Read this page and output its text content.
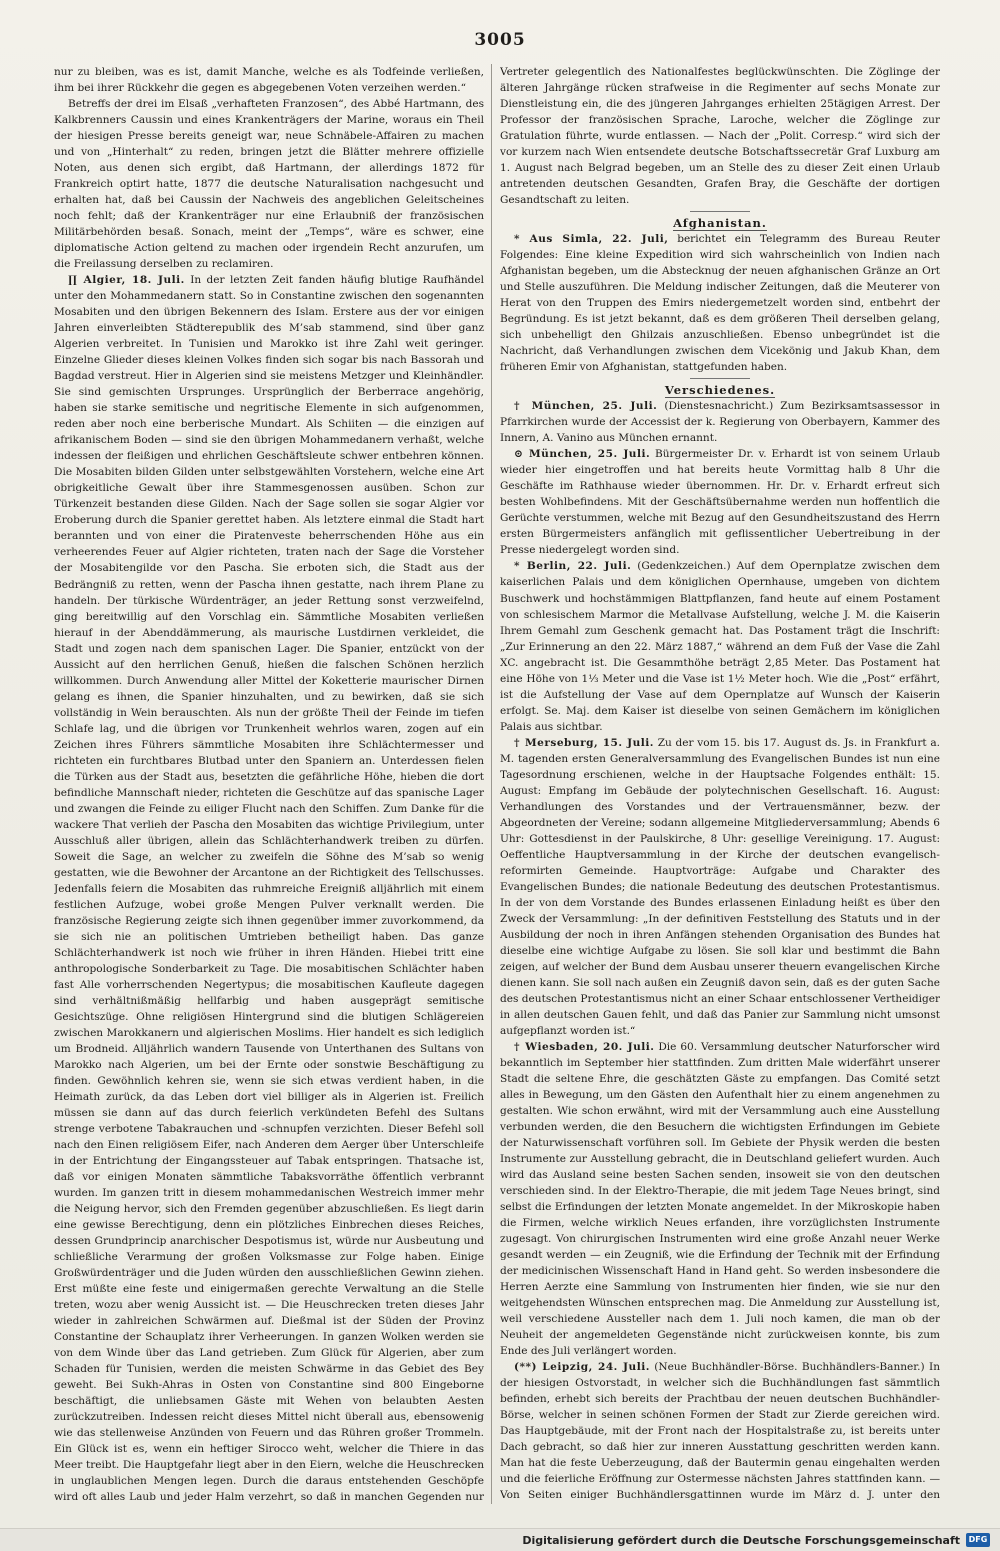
3005

nur zu bleiben, was es ist, damit Manche, welche es als Todfeinde verließen, ihm bei ihrer Rückkehr die gegen es abgegebenen Voten verzeihen werden.“

Betreffs der drei im Elsaß „verhafteten Franzosen“, des Abbé Hartmann, des Kalkbrenners Caussin und eines Krankenträgers der Marine, woraus ein Theil der hiesigen Presse bereits geneigt war, neue Schnäbele-Affairen zu machen und von „Hinterhalt“ zu reden, bringen jetzt die Blätter mehrere offizielle Noten, aus denen sich ergibt, daß Hartmann, der allerdings 1872 für Frankreich optirt hatte, 1877 die deutsche Naturalisation nachgesucht und erhalten hat, daß bei Caussin der Nachweis des angeblichen Geleitscheines noch fehlt; daß der Krankenträger nur eine Erlaubniß der französischen Militärbehörden besaß. Sonach, meint der „Temps“, wäre es schwer, eine diplomatische Action geltend zu machen oder irgendein Recht anzurufen, um die Freilassung derselben zu reclamiren.

∏ Algier, 18. Juli. In der letzten Zeit fanden häufig blutige Raufhändel unter den Mohammedanern statt. So in Constantine zwischen den sogenannten Mosabiten und den übrigen Bekennern des Islam. Erstere aus der vor einigen Jahren einverleibten Städterepublik des M’sab stammend, sind über ganz Algerien verbreitet. In Tunisien und Marokko ist ihre Zahl weit geringer. Einzelne Glieder dieses kleinen Volkes finden sich sogar bis nach Bassorah und Bagdad verstreut. Hier in Algerien sind sie meistens Metzger und Kleinhändler. Sie sind gemischten Ursprunges. Ursprünglich der Berberrace angehörig, haben sie starke semitische und negritische Elemente in sich aufgenommen, reden aber noch eine berberische Mundart. Als Schiiten — die einzigen auf afrikanischem Boden — sind sie den übrigen Mohammedanern verhaßt, welche indessen der fleißigen und ehrlichen Geschäftsleute schwer entbehren können. Die Mosabiten bilden Gilden unter selbstgewählten Vorstehern, welche eine Art obrigkeitliche Gewalt über ihre Stammesgenossen ausüben. Schon zur Türkenzeit bestanden diese Gilden. Nach der Sage sollen sie sogar Algier vor Eroberung durch die Spanier gerettet haben. Als letztere einmal die Stadt hart berannten und von einer die Piratenveste beherrschenden Höhe aus ein verheerendes Feuer auf Algier richteten, traten nach der Sage die Vorsteher der Mosabitengilde vor den Pascha. Sie erboten sich, die Stadt aus der Bedrängniß zu retten, wenn der Pascha ihnen gestatte, nach ihrem Plane zu handeln. Der türkische Würdenträger, an jeder Rettung sonst verzweifelnd, ging bereitwillig auf den Vorschlag ein. Sämmtliche Mosabiten verließen hierauf in der Abenddämmerung, als maurische Lustdirnen verkleidet, die Stadt und zogen nach dem spanischen Lager. Die Spanier, entzückt von der Aussicht auf den herrlichen Genuß, hießen die falschen Schönen herzlich willkommen. Durch Anwendung aller Mittel der Koketterie maurischer Dirnen gelang es ihnen, die Spanier hinzuhalten, und zu bewirken, daß sie sich vollständig in Wein berauschten. Als nun der größte Theil der Feinde im tiefen Schlafe lag, und die übrigen vor Trunkenheit wehrlos waren, zogen auf ein Zeichen ihres Führers sämmtliche Mosabiten ihre Schlächtermesser und richteten ein furchtbares Blutbad unter den Spaniern an. Unterdessen fielen die Türken aus der Stadt aus, besetzten die gefährliche Höhe, hieben die dort befindliche Mannschaft nieder, richteten die Geschütze auf das spanische Lager und zwangen die Feinde zu eiliger Flucht nach den Schiffen. Zum Danke für die wackere That verlieh der Pascha den Mosabiten das wichtige Privilegium, unter Ausschluß aller übrigen, allein das Schlächterhandwerk treiben zu dürfen. Soweit die Sage, an welcher zu zweifeln die Söhne des M’sab so wenig gestatten, wie die Bewohner der Arcantone an der Richtigkeit des Tellschusses. Jedenfalls feiern die Mosabiten das ruhmreiche Ereigniß alljährlich mit einem festlichen Aufzuge, wobei große Mengen Pulver verknallt werden. Die französische Regierung zeigte sich ihnen gegenüber immer zuvorkommend, da sie sich nie an politischen Umtrieben betheiligt haben. Das ganze Schlächterhandwerk ist noch wie früher in ihren Händen. Hiebei tritt eine anthropologische Sonderbarkeit zu Tage. Die mosabitischen Schlächter haben fast Alle vorherrschenden Negertypus; die mosabitischen Kaufleute dagegen sind verhältnißmäßig hellfarbig und haben ausgeprägt semitische Gesichtszüge. Ohne religiösen Hintergrund sind die blutigen Schlägereien zwischen Marokkanern und algierischen Moslims. Hier handelt es sich lediglich um Brodneid. Alljährlich wandern Tausende von Unterthanen des Sultans von Marokko nach Algerien, um bei der Ernte oder sonstwie Beschäftigung zu finden. Gewöhnlich kehren sie, wenn sie sich etwas verdient haben, in die Heimath zurück, da das Leben dort viel billiger als in Algerien ist. Freilich müssen sie dann auf das durch feierlich verkündeten Befehl des Sultans strenge verbotene Tabakrauchen und -schnupfen verzichten. Dieser Befehl soll nach den Einen religiösem Eifer, nach Anderen dem Aerger über Unterschleife in der Entrichtung der Eingangssteuer auf Tabak entspringen. Thatsache ist, daß vor einigen Monaten sämmtliche Tabaksvorräthe öffentlich verbrannt wurden. Im ganzen tritt in diesem mohammedanischen Westreich immer mehr die Neigung hervor, sich den Fremden gegenüber abzuschließen. Es liegt darin eine gewisse Berechtigung, denn ein plötzliches Einbrechen dieses Reiches, dessen Grundprincip anarchischer Despotismus ist, würde nur Ausbeutung und schließliche Verarmung der großen Volksmasse zur Folge haben. Einige Großwürdenträger und die Juden würden den ausschließlichen Gewinn ziehen. Erst müßte eine feste und einigermaßen gerechte Verwaltung an die Stelle treten, wozu aber wenig Aussicht ist. — Die Heuschrecken treten dieses Jahr wieder in zahlreichen Schwärmen auf. Dießmal ist der Süden der Provinz Constantine der Schauplatz ihrer Verheerungen. In ganzen Wolken werden sie von dem Winde über das Land getrieben. Zum Glück für Algerien, aber zum Schaden für Tunisien, werden die meisten Schwärme in das Gebiet des Bey geweht. Bei Sukh-Ahras in Osten von Constantine sind 800 Eingeborne beschäftigt, die unliebsamen Gäste mit Wehen von belaubten Aesten zurückzutreiben. Indessen reicht dieses Mittel nicht überall aus, ebensowenig wie das stellenweise Anzünden von Feuern und das Rühren großer Trommeln. Ein Glück ist es, wenn ein heftiger Sirocco weht, welcher die Thiere in das Meer treibt. Die Hauptgefahr liegt aber in den Eiern, welche die Heuschrecken in unglaublichen Mengen legen. Durch die daraus entstehenden Geschöpfe wird oft alles Laub und jeder Halm verzehrt, so daß in manchen Gegenden nur

Vertreter gelegentlich des Nationalfestes beglückwünschten. Die Zöglinge der älteren Jahrgänge rücken strafweise in die Regimenter auf sechs Monate zur Dienstleistung ein, die des jüngeren Jahrganges erhielten 25tägigen Arrest. Der Professor der französischen Sprache, Laroche, welcher die Zöglinge zur Gratulation führte, wurde entlassen. — Nach der „Polit. Corresp.“ wird sich der vor kurzem nach Wien entsendete deutsche Botschaftssecretär Graf Luxburg am 1. August nach Belgrad begeben, um an Stelle des zu dieser Zeit einen Urlaub antretenden deutschen Gesandten, Grafen Bray, die Geschäfte der dortigen Gesandtschaft zu leiten.

Afghanistan.

* Aus Simla, 22. Juli, berichtet ein Telegramm des Bureau Reuter Folgendes: Eine kleine Expedition wird sich wahrscheinlich von Indien nach Afghanistan begeben, um die Abstecknug der neuen afghanischen Gränze an Ort und Stelle auszuführen. Die Meldung indischer Zeitungen, daß die Meuterer von Herat von den Truppen des Emirs niedergemetzelt worden sind, entbehrt der Begründung. Es ist jetzt bekannt, daß es dem größeren Theil derselben gelang, sich unbehelligt den Ghilzais anzuschließen. Ebenso unbegründet ist die Nachricht, daß Verhandlungen zwischen dem Vicekönig und Jakub Khan, dem früheren Emir von Afghanistan, stattgefunden haben.

Verschiedenes.

† München, 25. Juli. (Dienstesnachricht.) Zum Bezirksamtsassessor in Pfarrkirchen wurde der Accessist der k. Regierung von Oberbayern, Kammer des Innern, A. Vanino aus München ernannt.

⊙ München, 25. Juli. Bürgermeister Dr. v. Erhardt ist von seinem Urlaub wieder hier eingetroffen und hat bereits heute Vormittag halb 8 Uhr die Geschäfte im Rathhause wieder übernommen. Hr. Dr. v. Erhardt erfreut sich besten Wohlbefindens. Mit der Geschäftsübernahme werden nun hoffentlich die Gerüchte verstummen, welche mit Bezug auf den Gesundheitszustand des Herrn ersten Bürgermeisters anfänglich mit geflissentlicher Uebertreibung in der Presse niedergelegt worden sind.

* Berlin, 22. Juli. (Gedenkzeichen.) Auf dem Opernplatze zwischen dem kaiserlichen Palais und dem königlichen Opernhause, umgeben von dichtem Buschwerk und hochstämmigen Blattpflanzen, fand heute auf einem Postament von schlesischem Marmor die Metallvase Aufstellung, welche J. M. die Kaiserin Ihrem Gemahl zum Geschenk gemacht hat. Das Postament trägt die Inschrift: „Zur Erinnerung an den 22. März 1887,“ während an dem Fuß der Vase die Zahl XC. angebracht ist. Die Gesammthöhe beträgt 2,85 Meter. Das Postament hat eine Höhe von 1⅓ Meter und die Vase ist 1½ Meter hoch. Wie die „Post“ erfährt, ist die Aufstellung der Vase auf dem Opernplatze auf Wunsch der Kaiserin erfolgt. Se. Maj. dem Kaiser ist dieselbe von seinen Gemächern im königlichen Palais aus sichtbar.

† Merseburg, 15. Juli. Zu der vom 15. bis 17. August ds. Js. in Frankfurt a. M. tagenden ersten Generalversammlung des Evangelischen Bundes ist nun eine Tagesordnung erschienen, welche in der Hauptsache Folgendes enthält: 15. August: Empfang im Gebäude der polytechnischen Gesellschaft. 16. August: Verhandlungen des Vorstandes und der Vertrauensmänner, bezw. der Abgeordneten der Vereine; sodann allgemeine Mitgliederversammlung; Abends 6 Uhr: Gottesdienst in der Paulskirche, 8 Uhr: gesellige Vereinigung. 17. August: Oeffentliche Hauptversammlung in der Kirche der deutschen evangelisch-reformirten Gemeinde. Hauptvorträge: Aufgabe und Charakter des Evangelischen Bundes; die nationale Bedeutung des deutschen Protestantismus. In der von dem Vorstande des Bundes erlassenen Einladung heißt es über den Zweck der Versammlung: „In der definitiven Feststellung des Statuts und in der Ausbildung der noch in ihren Anfängen stehenden Organisation des Bundes hat dieselbe eine wichtige Aufgabe zu lösen. Sie soll klar und bestimmt die Bahn zeigen, auf welcher der Bund dem Ausbau unserer theuern evangelischen Kirche dienen kann. Sie soll nach außen ein Zeugniß davon sein, daß es der guten Sache des deutschen Protestantismus nicht an einer Schaar entschlossener Vertheidiger in allen deutschen Gauen fehlt, und daß das Panier zur Sammlung nicht umsonst aufgepflanzt worden ist.“

† Wiesbaden, 20. Juli. Die 60. Versammlung deutscher Naturforscher wird bekanntlich im September hier stattfinden. Zum dritten Male widerfährt unserer Stadt die seltene Ehre, die geschätzten Gäste zu empfangen. Das Comité setzt alles in Bewegung, um den Gästen den Aufenthalt hier zu einem angenehmen zu gestalten. Wie schon erwähnt, wird mit der Versammlung auch eine Ausstellung verbunden werden, die den Besuchern die wichtigsten Erfindungen im Gebiete der Naturwissenschaft vorführen soll. Im Gebiete der Physik werden die besten Instrumente zur Ausstellung gebracht, die in Deutschland geliefert wurden. Auch wird das Ausland seine besten Sachen senden, insoweit sie von den deutschen verschieden sind. In der Elektro-Therapie, die mit jedem Tage Neues bringt, sind selbst die Erfindungen der letzten Monate angemeldet. In der Mikroskopie haben die Firmen, welche wirklich Neues erfanden, ihre vorzüglichsten Instrumente zugesagt. Von chirurgischen Instrumenten wird eine große Anzahl neuer Werke gesandt werden — ein Zeugniß, wie die Erfindung der Technik mit der Erfindung der medicinischen Wissenschaft Hand in Hand geht. So werden insbesondere die Herren Aerzte eine Sammlung von Instrumenten hier finden, wie sie nur den weitgehendsten Wünschen entsprechen mag. Die Anmeldung zur Ausstellung ist, weil verschiedene Aussteller nach dem 1. Juli noch kamen, die man ob der Neuheit der angemeldeten Gegenstände nicht zurückweisen konnte, bis zum Ende des Juli verlängert worden.

(**) Leipzig, 24. Juli. (Neue Buchhändler-Börse. Buchhändlers-Banner.) In der hiesigen Ostvorstadt, in welcher sich die Buchhändlungen fast sämmtlich befinden, erhebt sich bereits der Prachtbau der neuen deutschen Buchhändler-Börse, welcher in seinen schönen Formen der Stadt zur Zierde gereichen wird. Das Hauptgebäude, mit der Front nach der Hospitalstraße zu, ist bereits unter Dach gebracht, so daß hier zur inneren Ausstattung geschritten werden kann. Man hat die feste Ueberzeugung, daß der Bautermin genau eingehalten werden und die feierliche Eröffnung zur Ostermesse nächsten Jahres stattfinden kann. — Von Seiten einiger Buchhändlersgattinnen wurde im März d. J. unter den

Digitalisierung gefördert durch die Deutsche Forschungsgemeinschaft	DFG
